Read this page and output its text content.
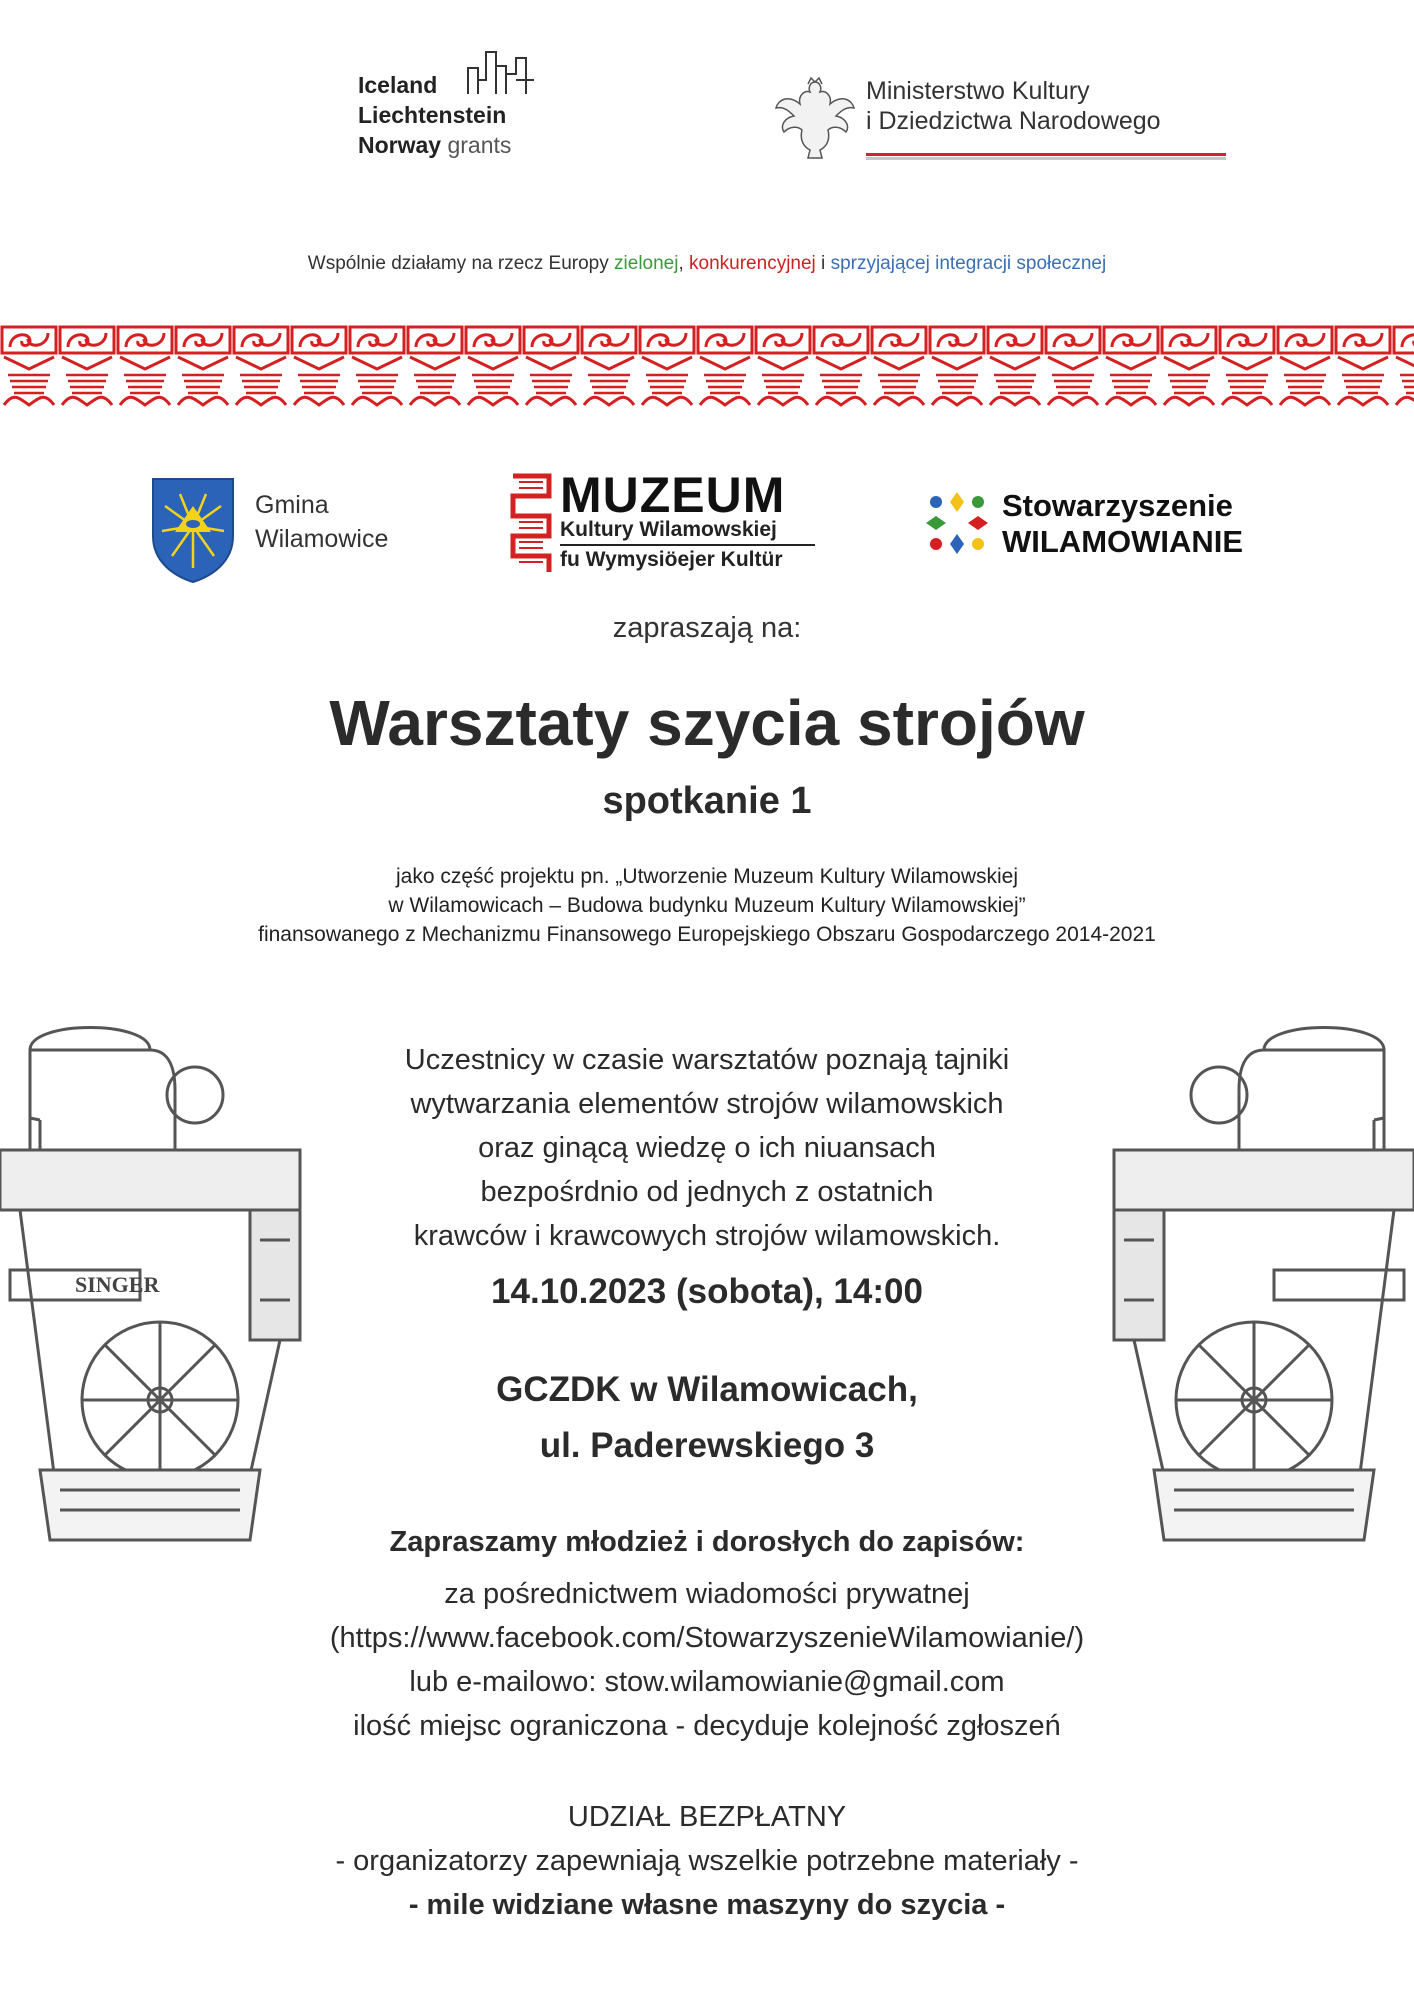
Iceland
Liechtenstein
Norway grants
Ministerstwo Kultury
i Dziedzictwa Narodowego
Wspólnie działamy na rzecz Europy zielonej, konkurencyjnej i sprzyjającej integracji społecznej
Gmina
Wilamowice
MUZEUM
Kultury Wilamowskiej
fu Wymysiöejer Kultür
Stowarzyszenie
WILAMOWIANIE
zapraszają na:
Warsztaty szycia strojów
spotkanie 1

jako część projektu pn. „Utworzenie Muzeum Kultury Wilamowskiej

w Wilamowicach – Budowa budynku Muzeum Kultury Wilamowskiej”

finansowanego z Mechanizmu Finansowego Europejskiego Obszaru Gospodarczego 2014-2021

SINGER

Uczestnicy w czasie warsztatów poznają tajniki

wytwarzania elementów strojów wilamowskich

oraz ginącą wiedzę o ich niuansach

bezpośrdnio od jednych z ostatnich

krawców i krawcowych strojów wilamowskich.

14.10.2023 (sobota), 14:00
GCZDK w Wilamowicach,
ul. Paderewskiego 3
Zapraszamy młodzież i dorosłych do zapisów:

za pośrednictwem wiadomości prywatnej

(https://www.facebook.com/StowarzyszenieWilamowianie/)

lub e-mailowo: stow.wilamowianie@gmail.com

ilość miejsc ograniczona - decyduje kolejność zgłoszeń

UDZIAŁ BEZPŁATNY

- organizatorzy zapewniają wszelkie potrzebne materiały -

- mile widziane własne maszyny do szycia -
